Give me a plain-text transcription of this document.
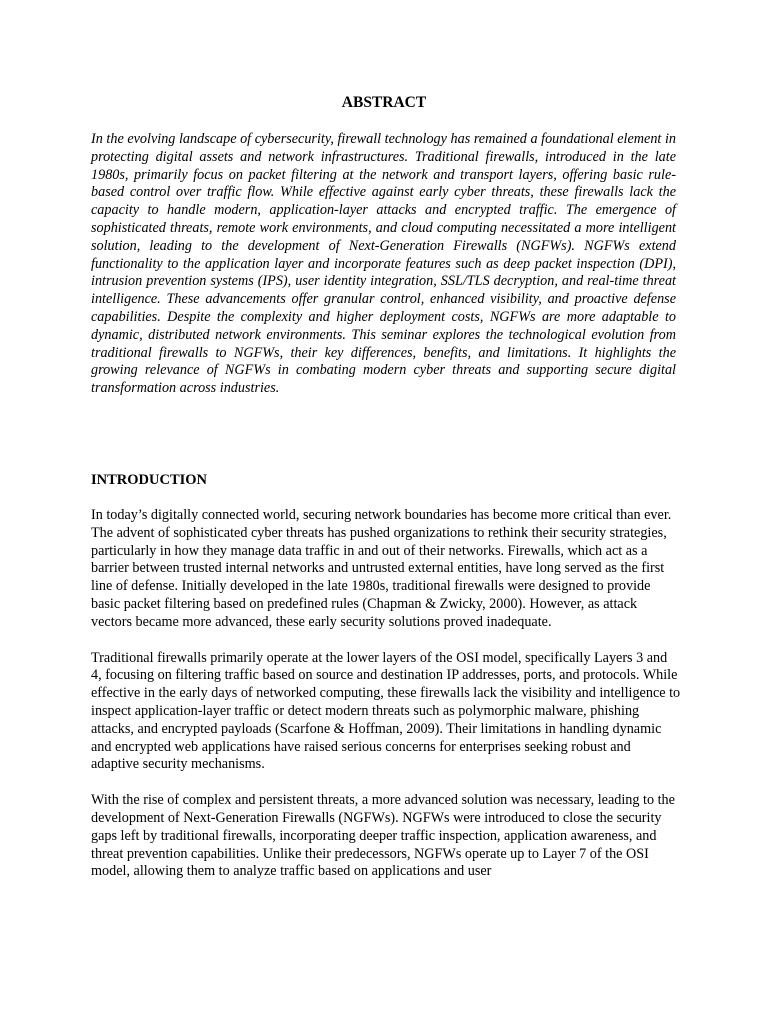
ABSTRACT

In the evolving landscape of cybersecurity, firewall technology has remained a foundational element in protecting digital assets and network infrastructures. Traditional firewalls, introduced in the late 1980s, primarily focus on packet filtering at the network and transport layers, offering basic rule-based control over traffic flow. While effective against early cyber threats, these firewalls lack the capacity to handle modern, application-layer attacks and encrypted traffic. The emergence of sophisticated threats, remote work environments, and cloud computing necessitated a more intelligent solution, leading to the development of Next-Generation Firewalls (NGFWs). NGFWs extend functionality to the application layer and incorporate features such as deep packet inspection (DPI), intrusion prevention systems (IPS), user identity integration, SSL/TLS decryption, and real-time threat intelligence. These advancements offer granular control, enhanced visibility, and proactive defense capabilities. Despite the complexity and higher deployment costs, NGFWs are more adaptable to dynamic, distributed network environments. This seminar explores the technological evolution from traditional firewalls to NGFWs, their key differences, benefits, and limitations. It highlights the growing relevance of NGFWs in combating modern cyber threats and supporting secure digital transformation across industries.

INTRODUCTION

In today’s digitally connected world, securing network boundaries has become more critical than ever. The advent of sophisticated cyber threats has pushed organizations to rethink their security strategies, particularly in how they manage data traffic in and out of their networks. Firewalls, which act as a barrier between trusted internal networks and untrusted external entities, have long served as the first line of defense. Initially developed in the late 1980s, traditional firewalls were designed to provide basic packet filtering based on predefined rules (Chapman & Zwicky, 2000). However, as attack vectors became more advanced, these early security solutions proved inadequate.

Traditional firewalls primarily operate at the lower layers of the OSI model, specifically Layers 3 and 4, focusing on filtering traffic based on source and destination IP addresses, ports, and protocols. While effective in the early days of networked computing, these firewalls lack the visibility and intelligence to inspect application-layer traffic or detect modern threats such as polymorphic malware, phishing attacks, and encrypted payloads (Scarfone & Hoffman, 2009). Their limitations in handling dynamic and encrypted web applications have raised serious concerns for enterprises seeking robust and adaptive security mechanisms.

With the rise of complex and persistent threats, a more advanced solution was necessary, leading to the development of Next-Generation Firewalls (NGFWs). NGFWs were introduced to close the security gaps left by traditional firewalls, incorporating deeper traffic inspection, application awareness, and threat prevention capabilities. Unlike their predecessors, NGFWs operate up to Layer 7 of the OSI model, allowing them to analyze traffic based on applications and user
